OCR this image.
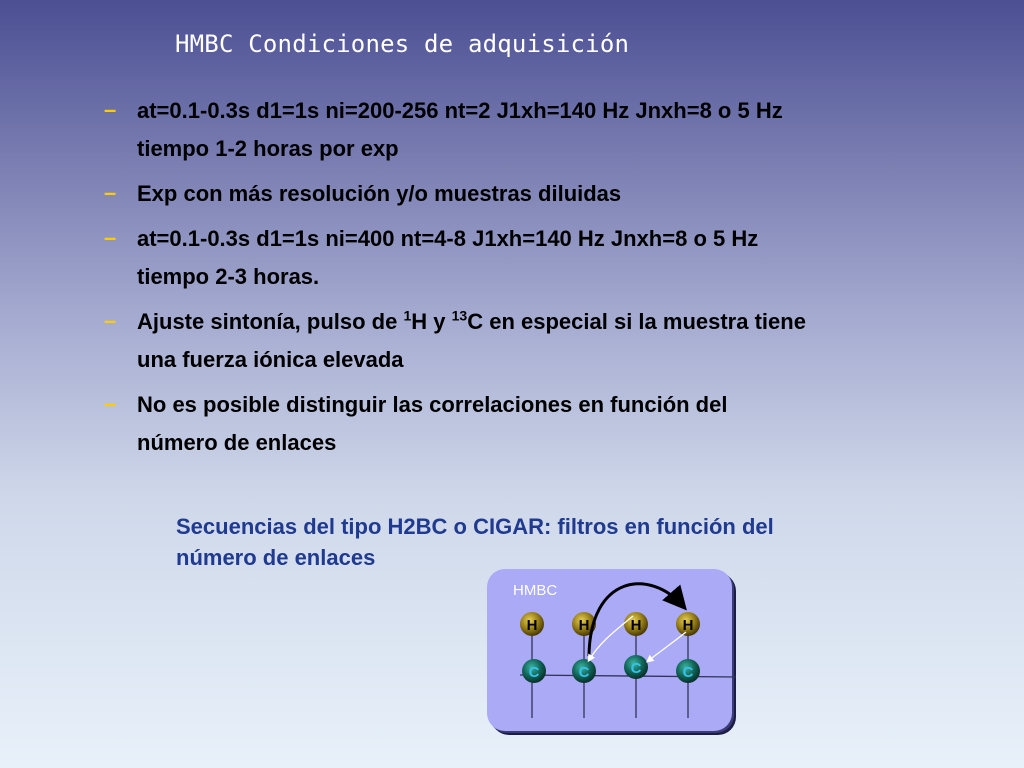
HMBC Condiciones de adquisición
– at=0.1-0.3s d1=1s ni=200-256 nt=2 J1xh=140 Hz Jnxh=8 o 5 Hz
tiempo 1-2 horas por exp
– Exp con más resolución y/o muestras diluidas
– at=0.1-0.3s d1=1s ni=400 nt=4-8 J1xh=140 Hz Jnxh=8 o 5 Hz
tiempo 2-3 horas.
– Ajuste sintonía, pulso de $^1$H y $^{13}$C en especial si la muestra tiene
una fuerza iónica elevada
– No es posible distinguir las correlaciones en función del
número de enlaces
Secuencias del tipo H2BC o CIGAR: filtros en función del
número de enlaces
HMBC
H	H	H	H
C	C	C	C
